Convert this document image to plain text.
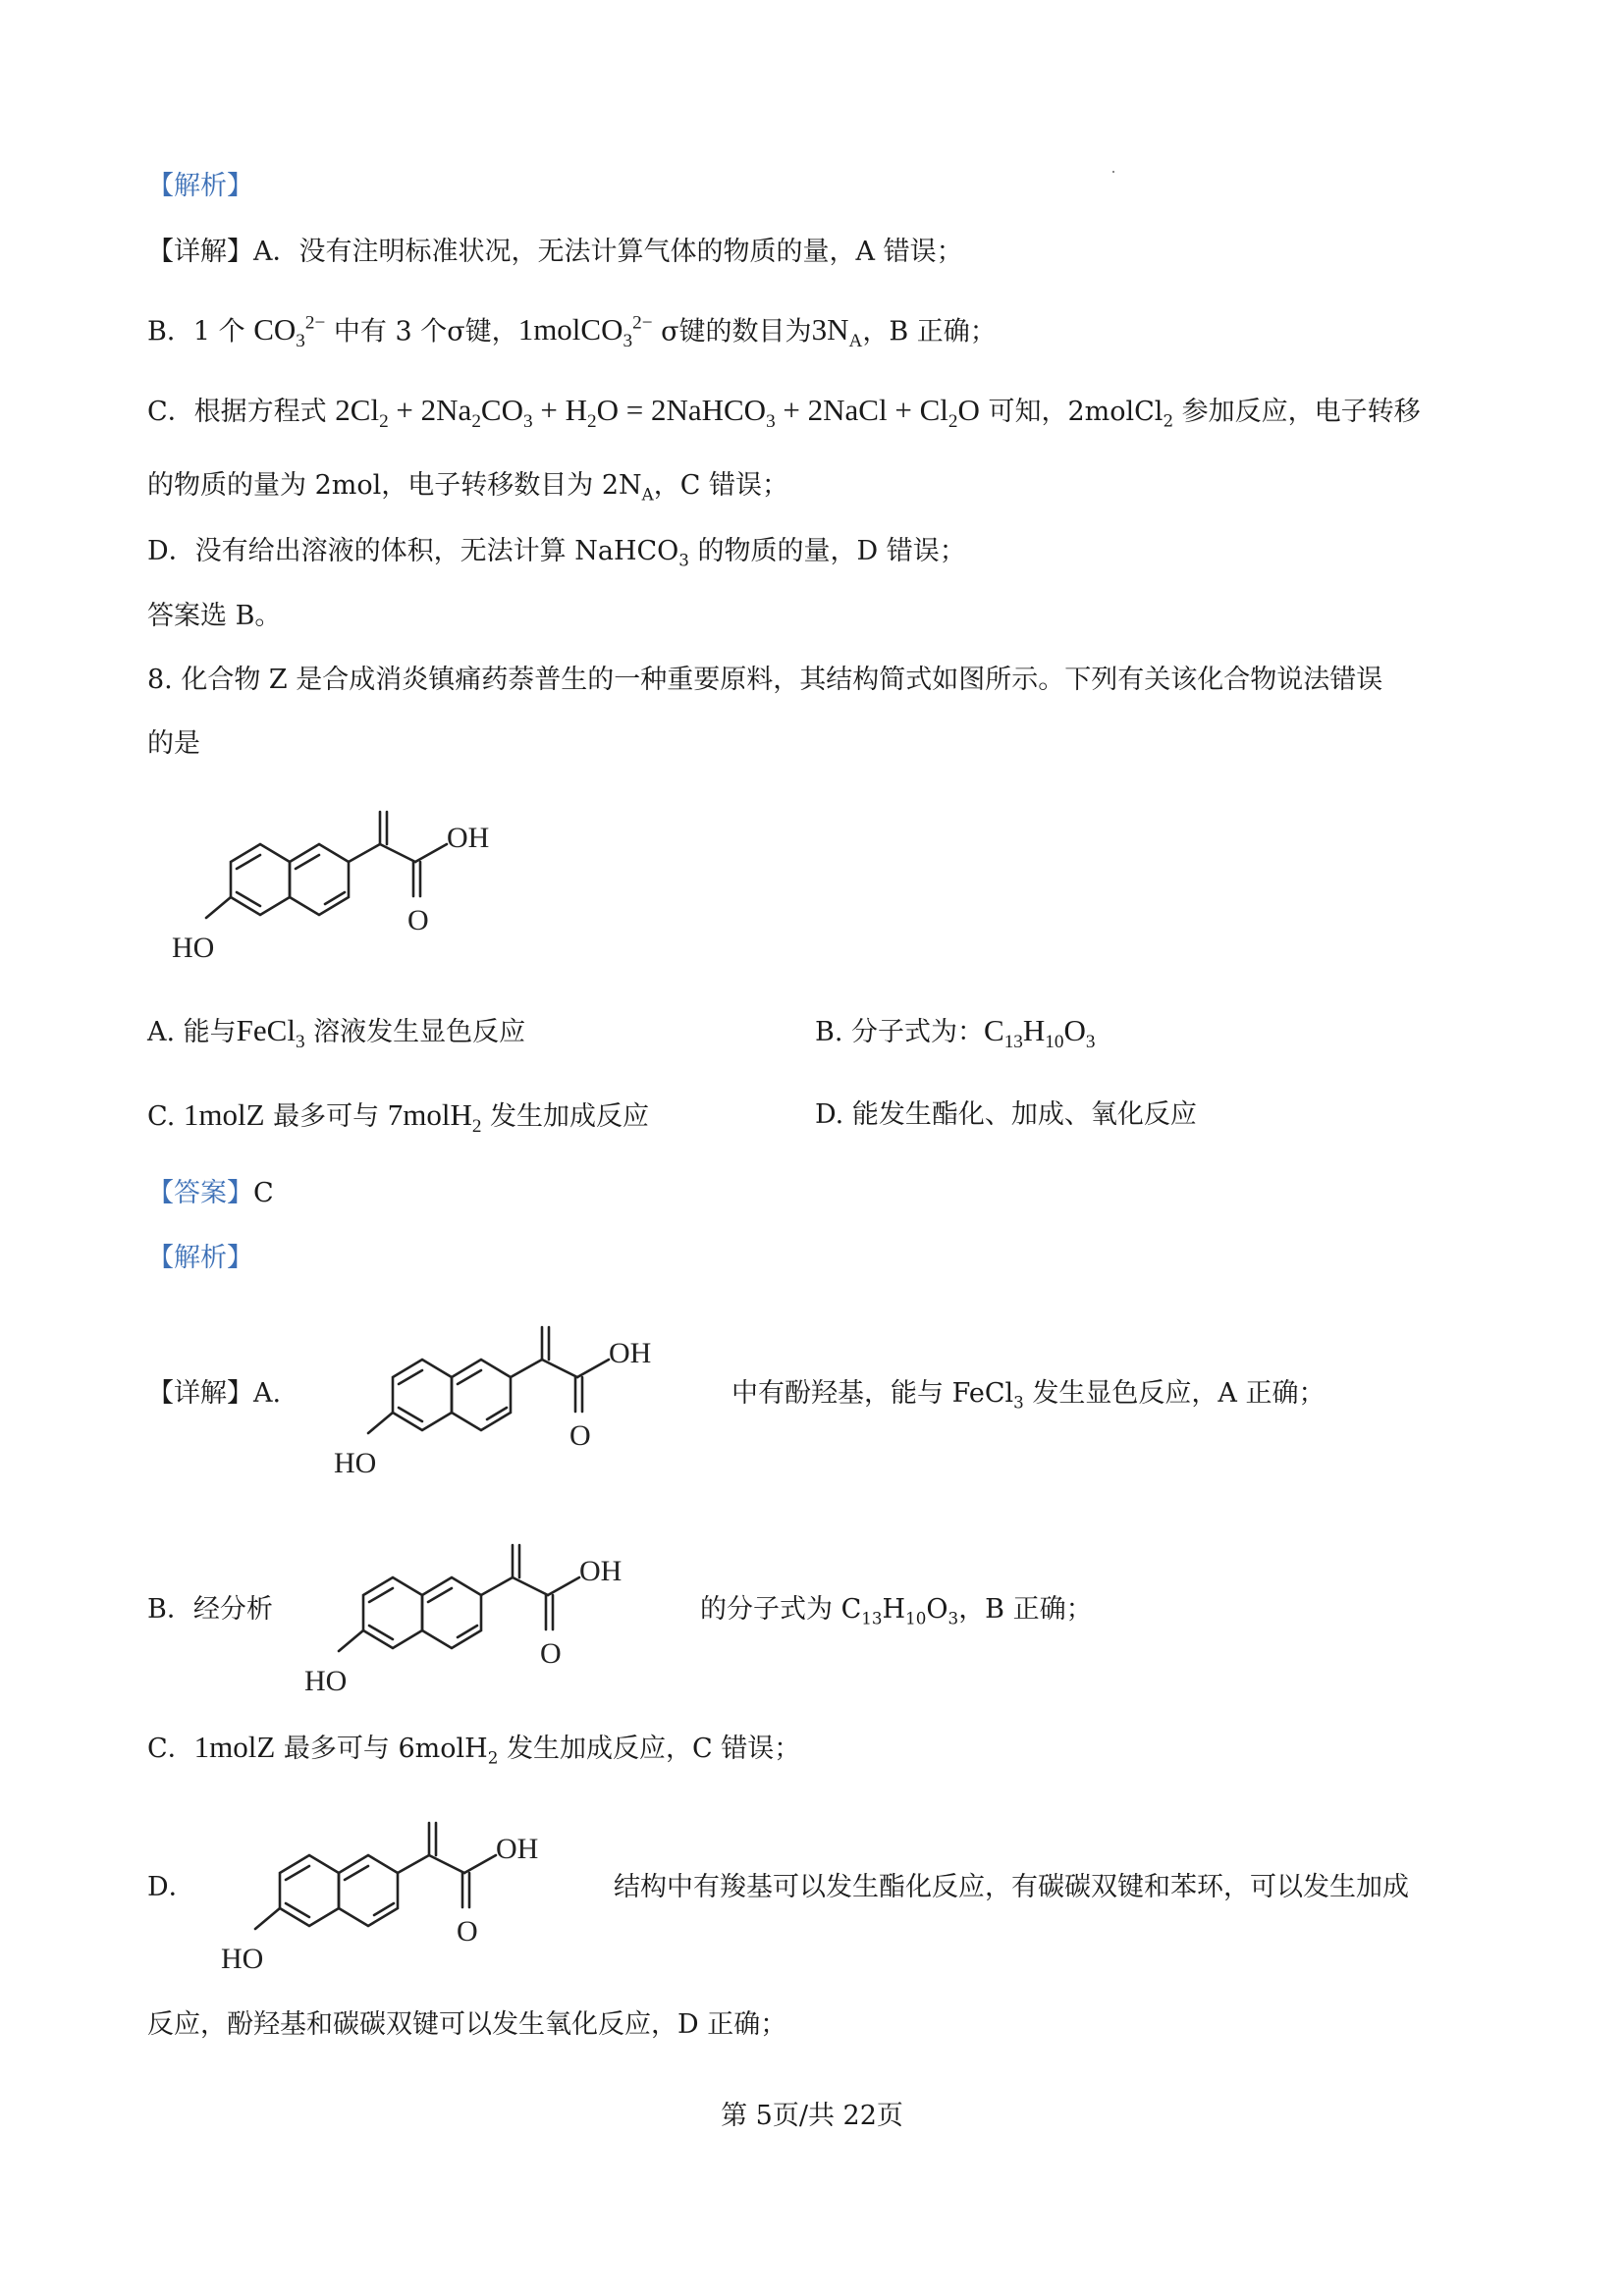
【解析】
【详解】A．没有注明标准状况，无法计算气体的物质的量，A 错误；
B．1 个 $CO_3^{2-}$ 中有 3 个σ键，1molCO$_3^{2-}$ σ键的数目为$3N_A$，B 正确；
C．根据方程式 $2Cl_2 + 2Na_2CO_3 + H_2O$ = 2NaHCO$_3$ + 2NaCl + $Cl_2O$ 可知，2molCl$_2$ 参加反应，电子转移
的物质的量为 2mol，电子转移数目为 $2N_A$，C 错误；
D．没有给出溶液的体积，无法计算 NaHCO$_3$ 的物质的量，D 错误；
答案选 B。
8. 化合物 Z 是合成消炎镇痛药萘普生的一种重要原料，其结构简式如图所示。下列有关该化合物说法错误
的是
OH
HO
O
A. 能与FeCl$_3$ 溶液发生显色反应	B. 分子式为：$C_{13}H_{10}O_3$
C. 1molZ 最多可与 7molH$_2$ 发生加成反应	D. 能发生酯化、加成、氧化反应
【答案】C
【解析】
【详解】A.
OH
HO
O
中有酚羟基，能与 FeCl$_3$ 发生显色反应，A 正确；
B．经分析
OH
HO
O
的分子式为 $C_{13}H_{10}O_3$，B 正确；
C．1molZ 最多可与 6molH$_2$ 发生加成反应，C 错误；
D．
OH
HO
O
结构中有羧基可以发生酯化反应，有碳碳双键和苯环，可以发生加成
反应，酚羟基和碳碳双键可以发生氧化反应，D 正确；
第 5页/共 22页
